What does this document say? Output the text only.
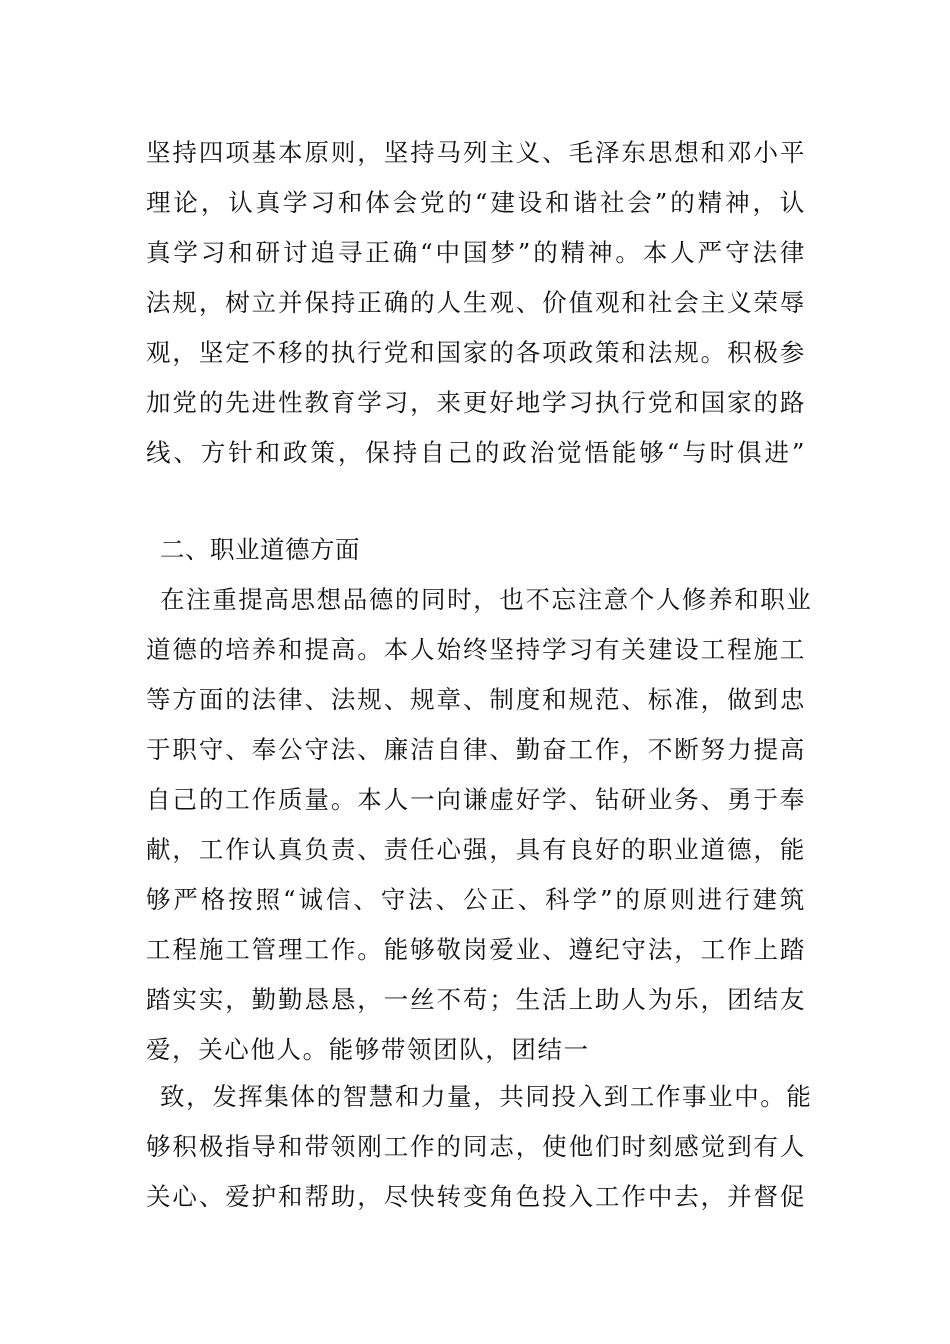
坚持四项基本原则，坚持马列主义、毛泽东思想和邓小平
理论，认真学习和体会党的“建设和谐社会”的精神，认
真学习和研讨追寻正确“中国梦”的精神。本人严守法律
法规，树立并保持正确的人生观、价值观和社会主义荣辱
观，坚定不移的执行党和国家的各项政策和法规。积极参
加党的先进性教育学习，来更好地学习执行党和国家的路
线、方针和政策，保持自己的政治觉悟能够“与时俱进”
二、职业道德方面
在注重提高思想品德的同时，也不忘注意个人修养和职业
道德的培养和提高。本人始终坚持学习有关建设工程施工
等方面的法律、法规、规章、制度和规范、标准，做到忠
于职守、奉公守法、廉洁自律、勤奋工作，不断努力提高
自己的工作质量。本人一向谦虚好学、钻研业务、勇于奉
献，工作认真负责、责任心强，具有良好的职业道德，能
够严格按照“诚信、守法、公正、科学”的原则进行建筑
工程施工管理工作。能够敬岗爱业、遵纪守法，工作上踏
踏实实，勤勤恳恳，一丝不苟；生活上助人为乐，团结友
爱，关心他人。能够带领团队，团结一
致，发挥集体的智慧和力量，共同投入到工作事业中。能
够积极指导和带领刚工作的同志，使他们时刻感觉到有人
关心、爱护和帮助，尽快转变角色投入工作中去，并督促
